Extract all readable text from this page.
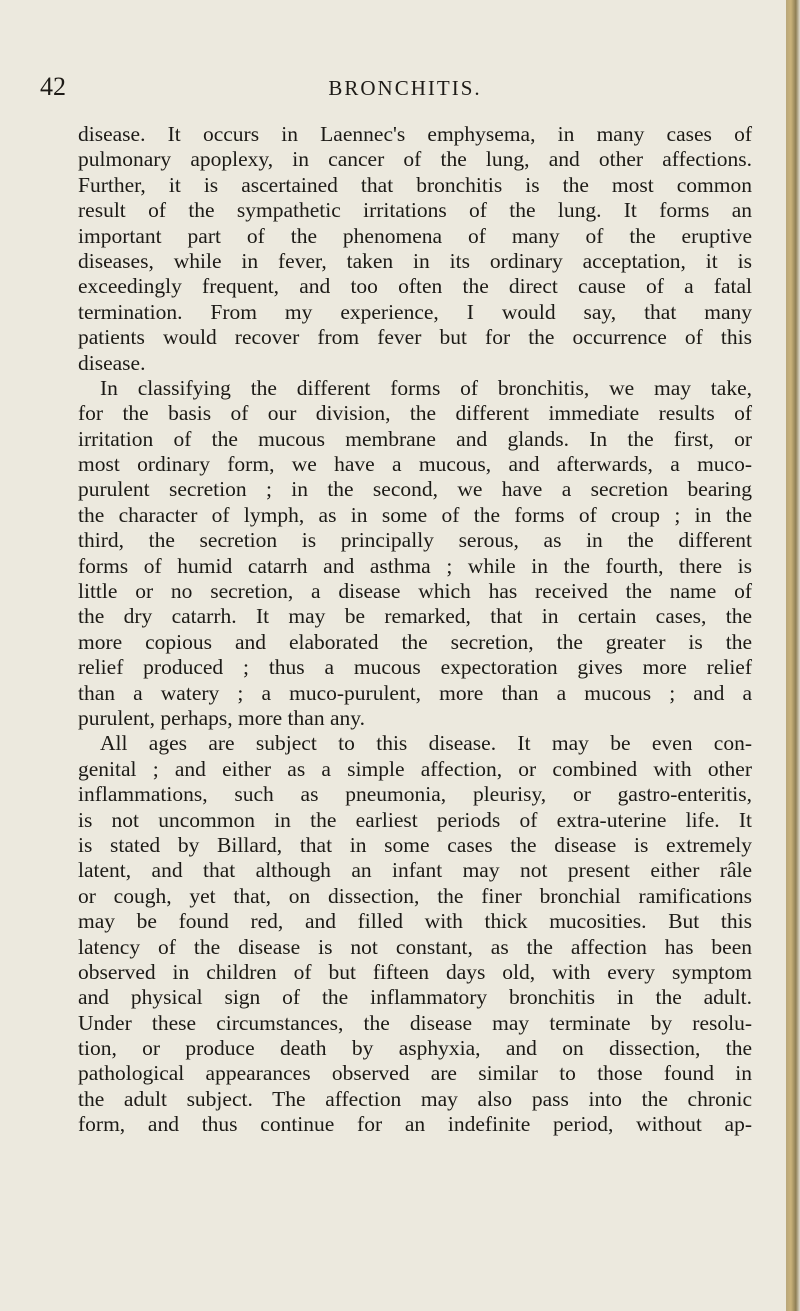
42	BRONCHITIS.
disease. It occurs in Laennec's emphysema, in many cases of
pulmonary apoplexy, in cancer of the lung, and other affections.
Further, it is ascertained that bronchitis is the most common
result of the sympathetic irritations of the lung. It forms an
important part of the phenomena of many of the eruptive
diseases, while in fever, taken in its ordinary acceptation, it is
exceedingly frequent, and too often the direct cause of a fatal
termination. From my experience, I would say, that many
patients would recover from fever but for the occurrence of this
disease.
In classifying the different forms of bronchitis, we may take,
for the basis of our division, the different immediate results of
irritation of the mucous membrane and glands. In the first, or
most ordinary form, we have a mucous, and afterwards, a muco-
purulent secretion ; in the second, we have a secretion bearing
the character of lymph, as in some of the forms of croup ; in the
third, the secretion is principally serous, as in the different
forms of humid catarrh and asthma ; while in the fourth, there is
little or no secretion, a disease which has received the name of
the dry catarrh. It may be remarked, that in certain cases, the
more copious and elaborated the secretion, the greater is the
relief produced ; thus a mucous expectoration gives more relief
than a watery ; a muco-purulent, more than a mucous ; and a
purulent, perhaps, more than any.
All ages are subject to this disease. It may be even con-
genital ; and either as a simple affection, or combined with other
inflammations, such as pneumonia, pleurisy, or gastro-enteritis,
is not uncommon in the earliest periods of extra-uterine life. It
is stated by Billard, that in some cases the disease is extremely
latent, and that although an infant may not present either râle
or cough, yet that, on dissection, the finer bronchial ramifications
may be found red, and filled with thick mucosities. But this
latency of the disease is not constant, as the affection has been
observed in children of but fifteen days old, with every symptom
and physical sign of the inflammatory bronchitis in the adult.
Under these circumstances, the disease may terminate by resolu-
tion, or produce death by asphyxia, and on dissection, the
pathological appearances observed are similar to those found in
the adult subject. The affection may also pass into the chronic
form, and thus continue for an indefinite period, without ap-
